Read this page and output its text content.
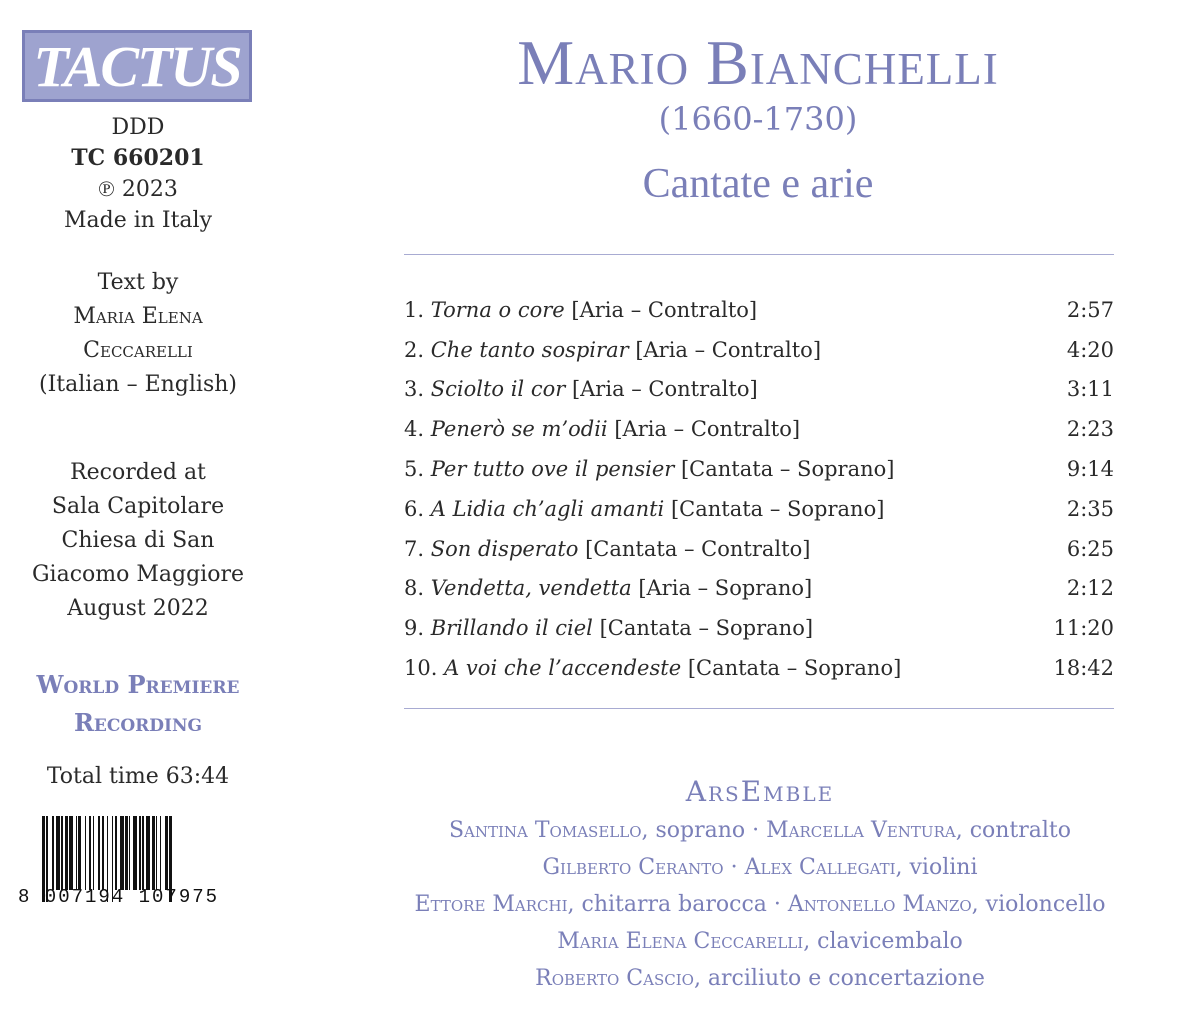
TACTUS
DDD
TC 660201
℗ 2023
Made in Italy
Text by
Maria Elena
Ceccarelli
(Italian – English)
Recorded at
Sala Capitolare
Chiesa di San
Giacomo Maggiore
August 2022
World Premiere
Recording
Total time 63:44
8 007194 107975
Mario Bianchelli
(1660-1730)
Cantate e arie
1. Torna o core [Aria – Contralto]	2:57
2. Che tanto sospirar [Aria – Contralto]	4:20
3. Sciolto il cor [Aria – Contralto]	3:11
4. Penerò se m’odii [Aria – Contralto]	2:23
5. Per tutto ove il pensier [Cantata – Soprano]	9:14
6. A Lidia ch’agli amanti [Cantata – Soprano]	2:35
7. Son disperato [Cantata – Contralto]	6:25
8. Vendetta, vendetta [Aria – Soprano]	2:12
9. Brillando il ciel [Cantata – Soprano]	11:20
10. A voi che l’accendeste [Cantata – Soprano]	18:42
ArsEmble
Santina Tomasello, soprano · Marcella Ventura, contralto
Gilberto Ceranto · Alex Callegati, violini
Ettore Marchi, chitarra barocca · Antonello Manzo, violoncello
Maria Elena Ceccarelli, clavicembalo
Roberto Cascio, arciliuto e concertazione
